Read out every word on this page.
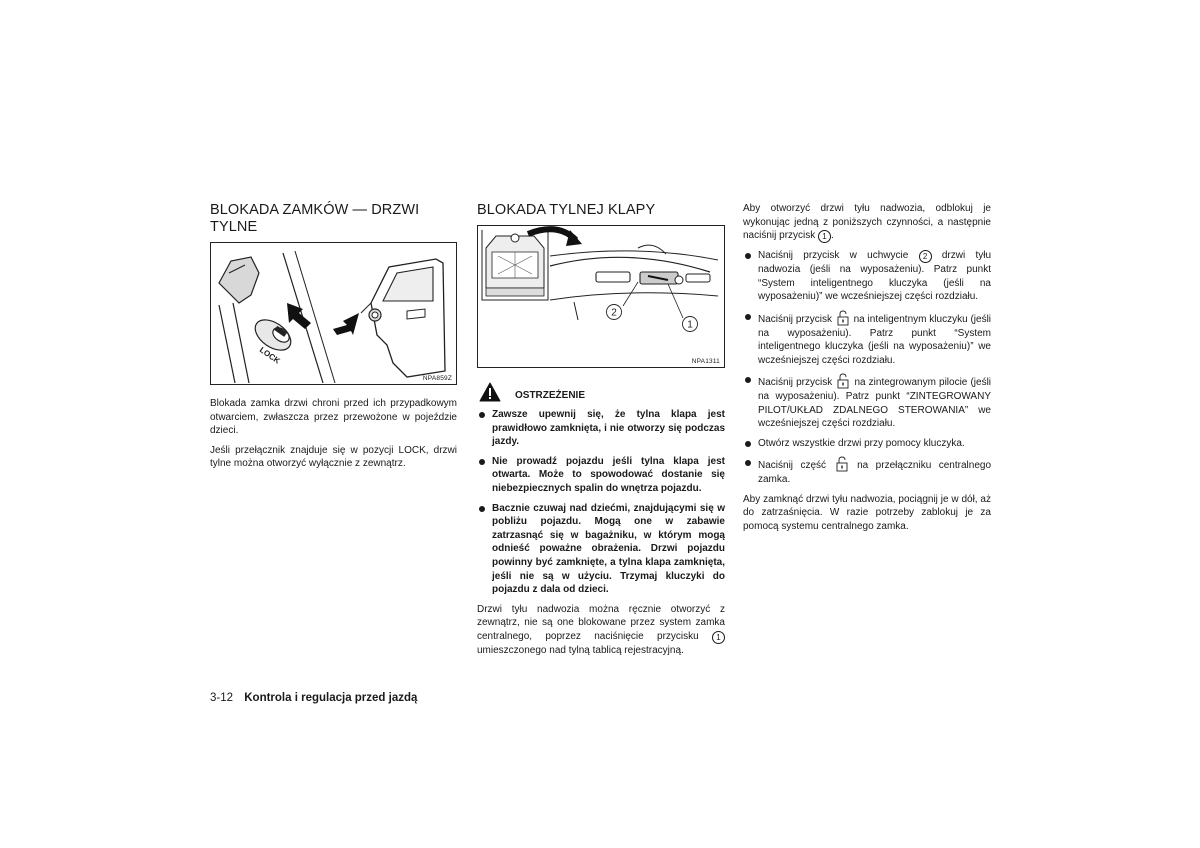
BLOKADA ZAMKÓW — DRZWI TYLNE
LOCK
NPA859Z

Blokada zamka drzwi chroni przed ich przypadkowym otwarciem, zwłaszcza przez przewożone w pojeździe dzieci.

Jeśli przełącznik znajduje się w pozycji LOCK, drzwi tylne można otworzyć wyłącznie z zewnątrz.

BLOKADA TYLNEJ KLAPY
2
1
NPA1311
OSTRZEŻENIE
Zawsze upewnij się, że tylna klapa jest prawidłowo zamknięta, i nie otworzy się podczas jazdy.
Nie prowadź pojazdu jeśli tylna klapa jest otwarta. Może to spowodować dostanie się niebezpiecznych spalin do wnętrza pojazdu.
Bacznie czuwaj nad dziećmi, znajdującymi się w pobliżu pojazdu. Mogą one w zabawie zatrzasnąć się w bagażniku, w którym mogą odnieść poważne obrażenia. Drzwi pojazdu powinny być zamknięte, a tylna klapa zamknięta, jeśli nie są w użyciu. Trzymaj kluczyki do pojazdu z dala od dzieci.

Drzwi tyłu nadwozia można ręcznie otworzyć z zewnątrz, nie są one blokowane przez system zamka centralnego, poprzez naciśnięcie przycisku 1 umieszczonego nad tylną tablicą rejestracyjną.

Aby otworzyć drzwi tyłu nadwozia, odblokuj je wykonując jedną z poniższych czynności, a następnie naciśnij przycisk 1 .

Naciśnij przycisk w uchwycie 2 drzwi tyłu nadwozia (jeśli na wyposażeniu). Patrz punkt “System inteligentnego kluczyka (jeśli na wyposażeniu)” we wcześniejszej części rozdziału.
Naciśnij przycisk na inteligentnym kluczyku (jeśli na wyposażeniu). Patrz punkt “System inteligentnego kluczyka (jeśli na wyposażeniu)” we wcześniejszej części rozdziału.
Naciśnij przycisk na zintegrowanym pilocie (jeśli na wyposażeniu). Patrz punkt “ZINTEGROWANY PILOT/UKŁAD ZDALNEGO STEROWANIA” we wcześniejszej części rozdziału.
Otwórz wszystkie drzwi przy pomocy kluczyka.
Naciśnij część	na przełączniku centralnego zamka.

Aby zamknąć drzwi tyłu nadwozia, pociągnij je w dół, aż do zatrzaśnięcia. W razie potrzeby zablokuj je za pomocą systemu centralnego zamka.

3-12 Kontrola i regulacja przed jazdą
